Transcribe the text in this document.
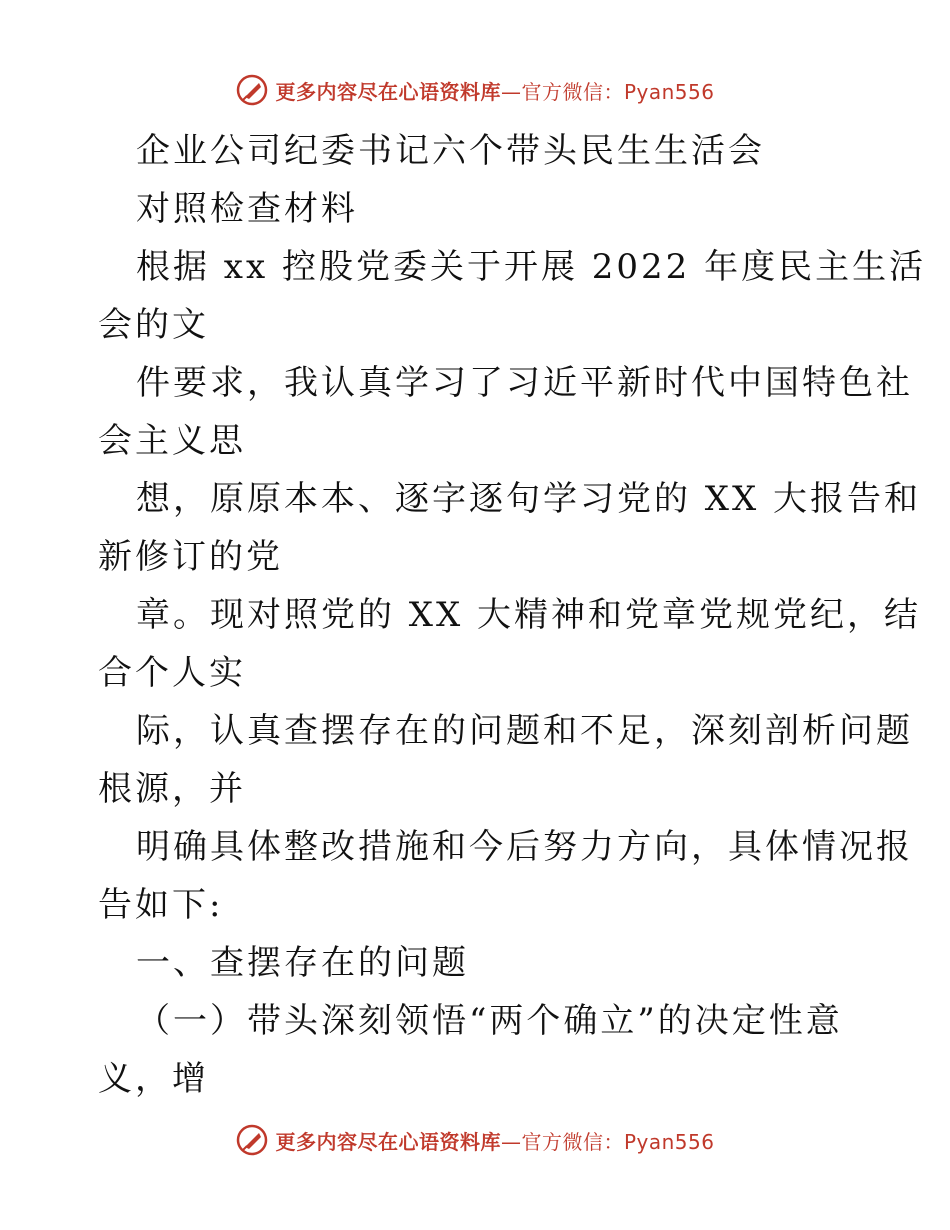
更多内容尽在心语资料库—官方微信：Pyan556
企业公司纪委书记六个带头民生生活会
对照检查材料
根据 xx 控股党委关于开展 2022 年度民主生活
会的文
件要求，我认真学习了习近平新时代中国特色社
会主义思
想，原原本本、逐字逐句学习党的 XX 大报告和
新修订的党
章。现对照党的 XX 大精神和党章党规党纪，结
合个人实
际，认真查摆存在的问题和不足，深刻剖析问题
根源，并
明确具体整改措施和今后努力方向，具体情况报
告如下:
一、查摆存在的问题
（一）带头深刻领悟“两个确立”的决定性意
义，增
更多内容尽在心语资料库—官方微信：Pyan556
